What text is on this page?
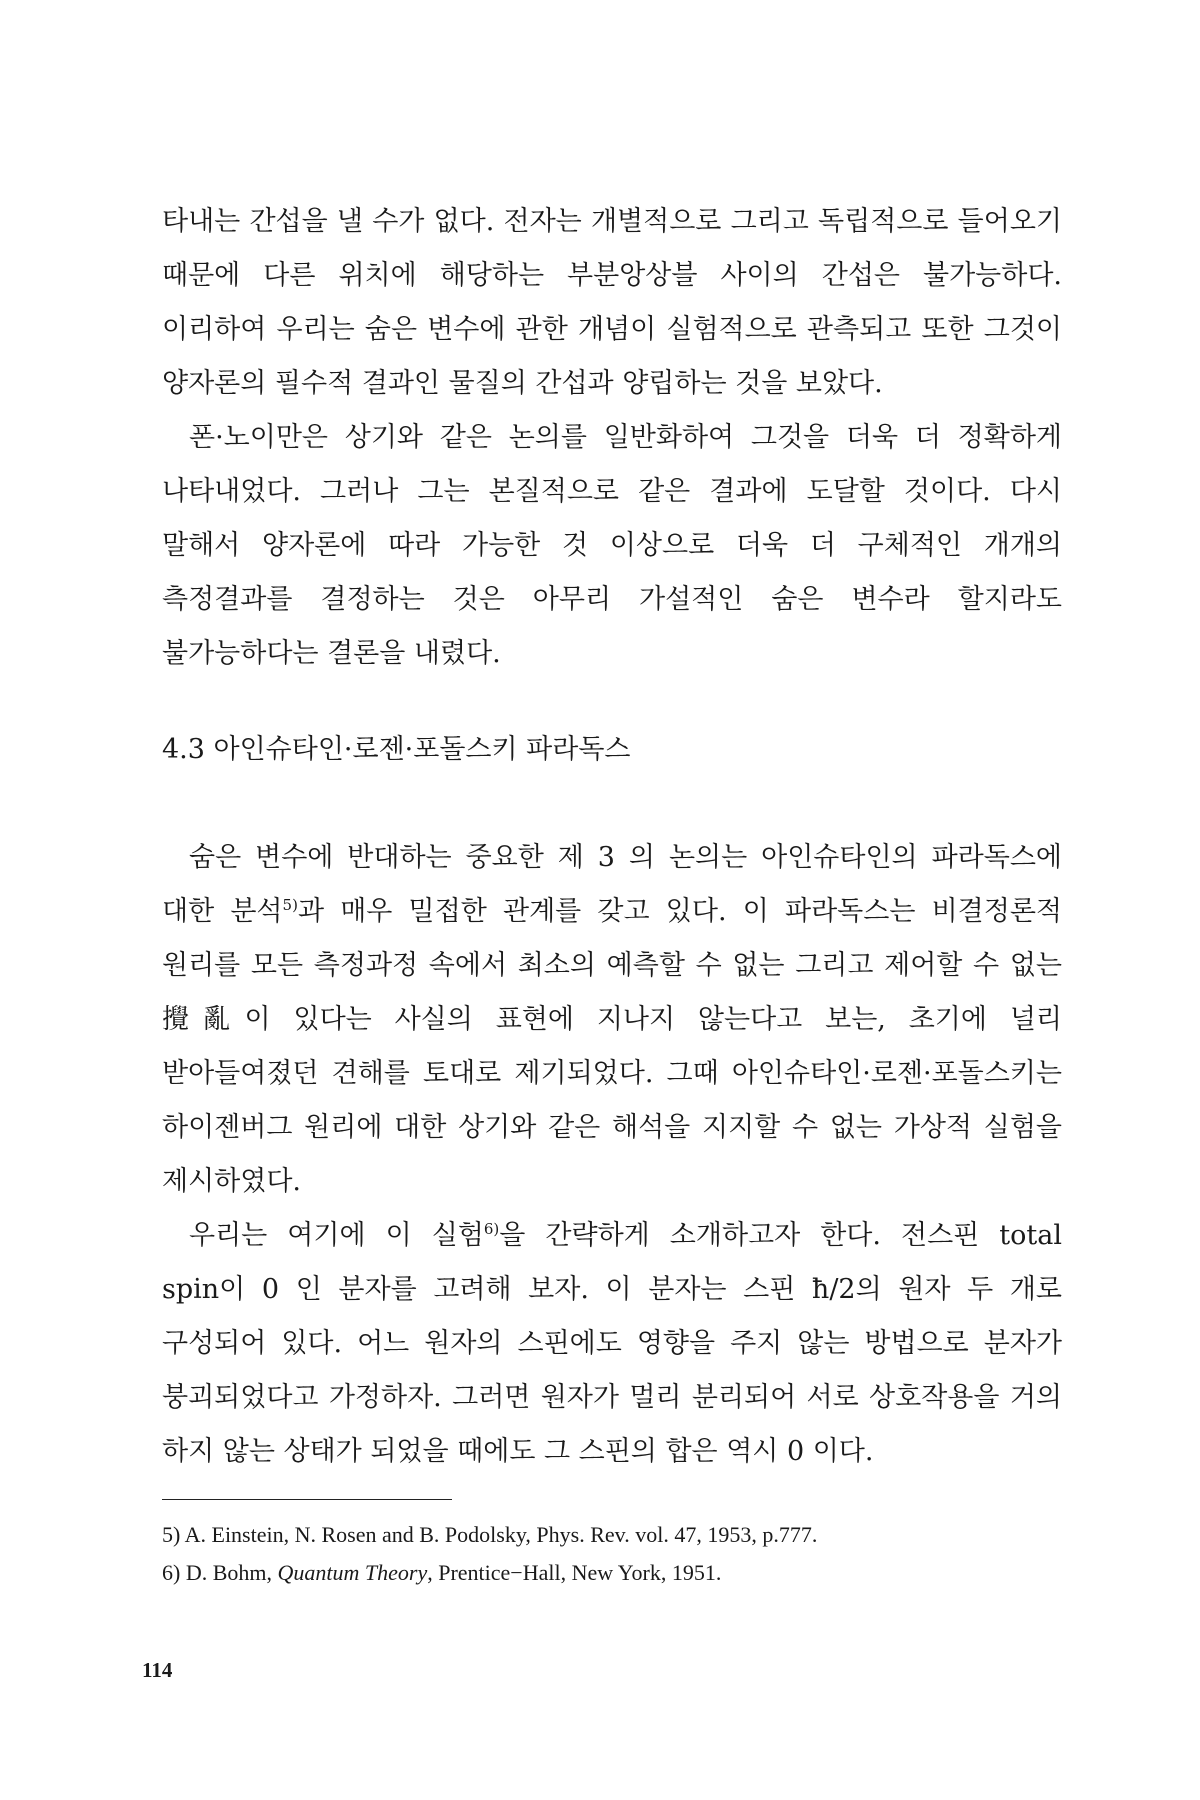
타내는 간섭을 낼 수가 없다. 전자는 개별적으로 그리고 독립적으로 들어오기 때문에 다른 위치에 해당하는 부분앙상블 사이의 간섭은 불가능하다. 이리하여 우리는 숨은 변수에 관한 개념이 실험적으로 관측되고 또한 그것이 양자론의 필수적 결과인 물질의 간섭과 양립하는 것을 보았다.

폰·노이만은 상기와 같은 논의를 일반화하여 그것을 더욱 더 정확하게 나타내었다. 그러나 그는 본질적으로 같은 결과에 도달할 것이다. 다시 말해서 양자론에 따라 가능한 것 이상으로 더욱 더 구체적인 개개의 측정결과를 결정하는 것은 아무리 가설적인 숨은 변수라 할지라도 불가능하다는 결론을 내렸다.

4.3 아인슈타인·로젠·포돌스키 파라독스

숨은 변수에 반대하는 중요한 제 3 의 논의는 아인슈타인의 파라독스에 대한 분석$^{5)}$과 매우 밀접한 관계를 갖고 있다. 이 파라독스는 비결정론적 원리를 모든 측정과정 속에서 최소의 예측할 수 없는 그리고 제어할 수 없는 攪亂이 있다는 사실의 표현에 지나지 않는다고 보는, 초기에 널리 받아들여졌던 견해를 토대로 제기되었다. 그때 아인슈타인·로젠·포돌스키는 하이젠버그 원리에 대한 상기와 같은 해석을 지지할 수 없는 가상적 실험을 제시하였다.

우리는 여기에 이 실험$^{6)}$을 간략하게 소개하고자 한다. 전스핀 total spin이 0 인 분자를 고려해 보자. 이 분자는 스핀 ħ/2의 원자 두 개로 구성되어 있다. 어느 원자의 스핀에도 영향을 주지 않는 방법으로 분자가 붕괴되었다고 가정하자. 그러면 원자가 멀리 분리되어 서로 상호작용을 거의 하지 않는 상태가 되었을 때에도 그 스핀의 합은 역시 0 이다.

5) A. Einstein, N. Rosen and B. Podolsky, Phys. Rev. vol. 47, 1953, p.777.

6) D. Bohm, Quantum Theory, Prentice−Hall, New York, 1951.

114
